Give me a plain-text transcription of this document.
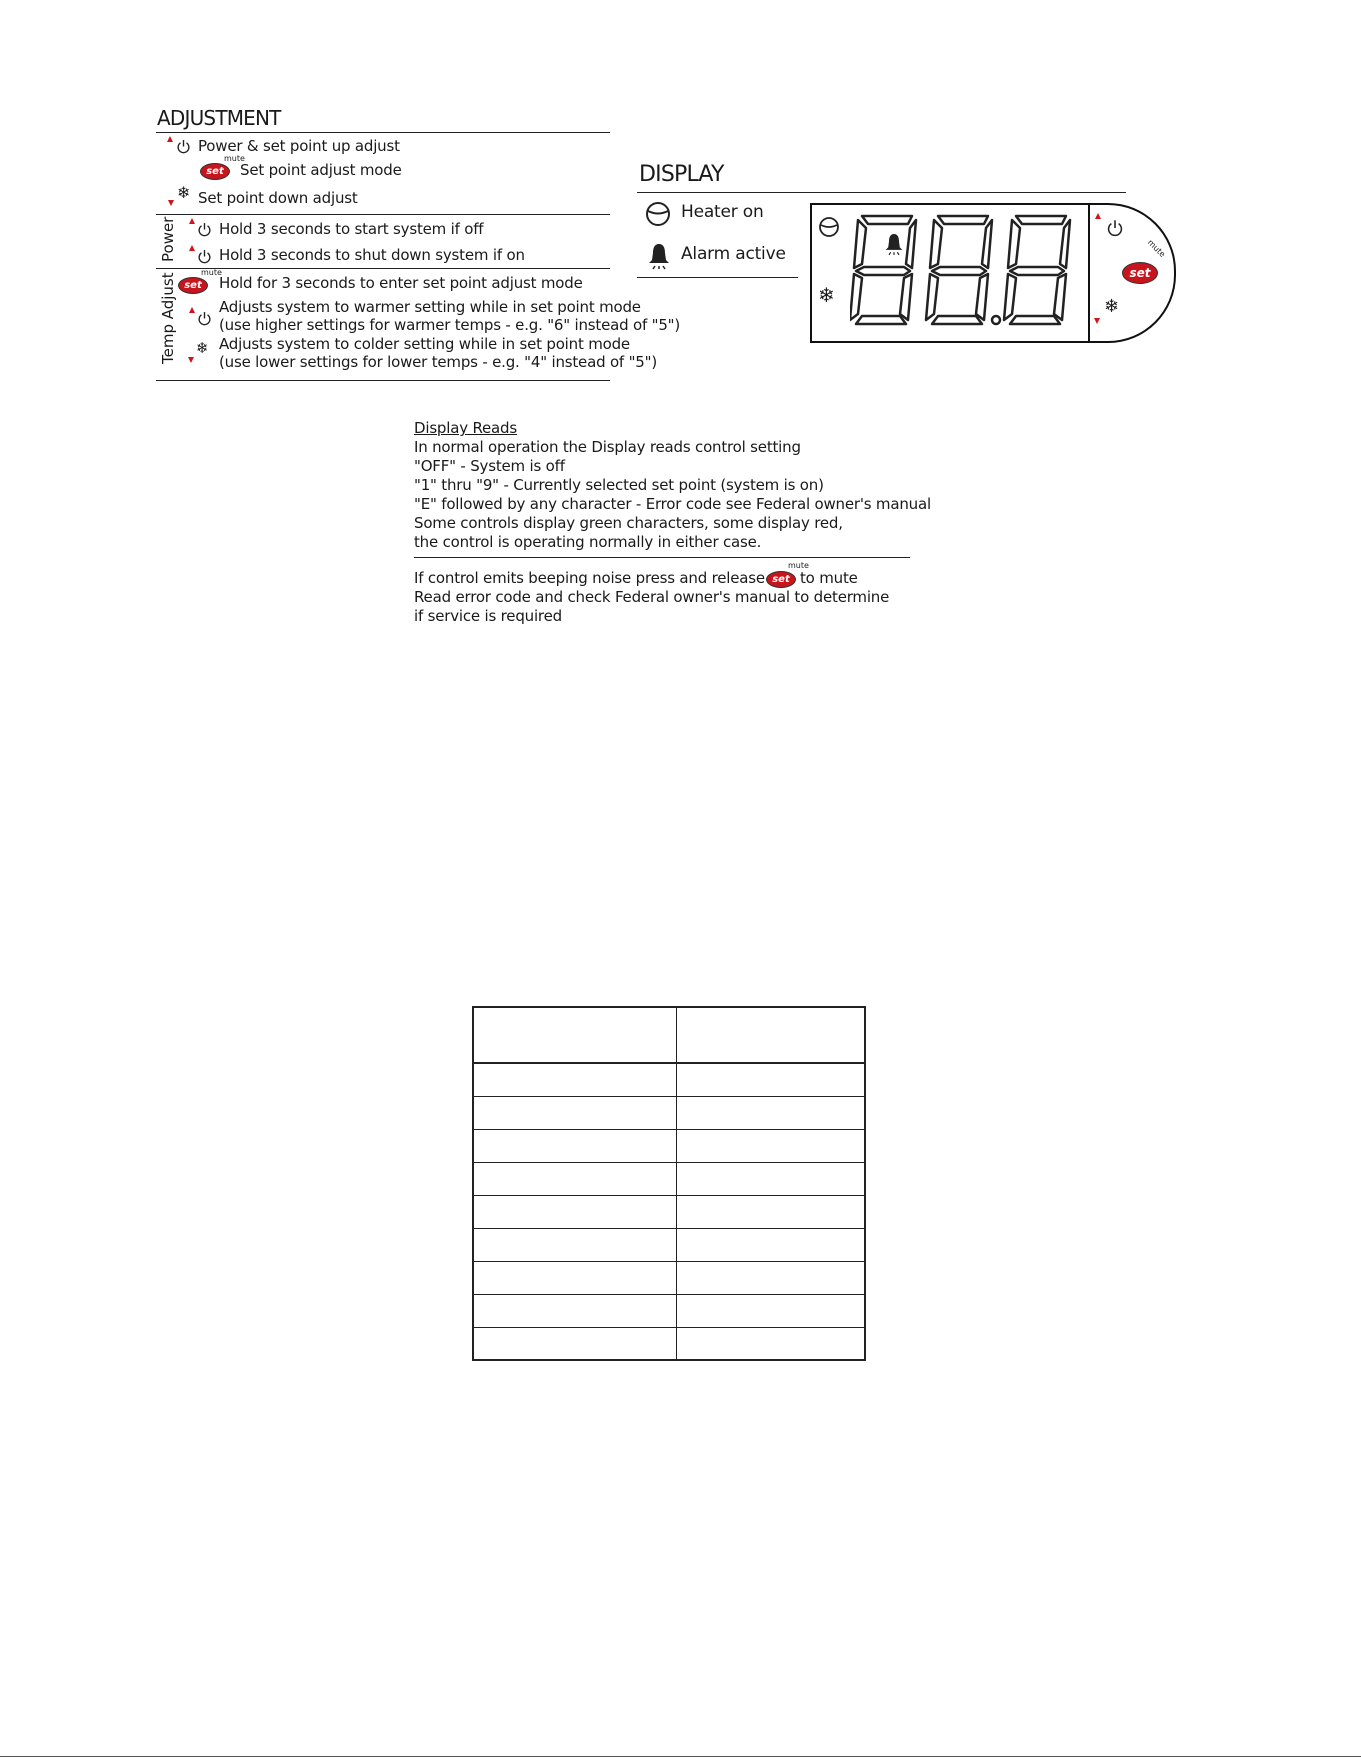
ADJUSTMENT
Power & set point up adjust
set
mute
Set point adjust mode
❄ Set point down adjust
Power	Hold 3 seconds to start system if off
Hold 3 seconds to shut down system if on
Temp Adjust set
mute
Hold for 3 seconds to enter set point adjust mode
Adjusts system to warmer setting while in set point mode
(use higher settings for warmer temps - e.g. "6" instead of "5")
❄ Adjusts system to colder setting while in set point mode
(use lower settings for lower temps - e.g. "4" instead of "5")
DISPLAY
Heater on
Alarm active
❄
set
mute
❄
Display Reads
In normal operation the Display reads control setting
"OFF" - System is off
"1" thru "9" - Currently selected set point (system is on)
"E" followed by any character - Error code see Federal owner's manual
Some controls display green characters, some display red,
the control is operating normally in either case.
If control emits beeping noise press and release set
mute
to mute
Read error code and check Federal owner's manual to determine
if service is required
